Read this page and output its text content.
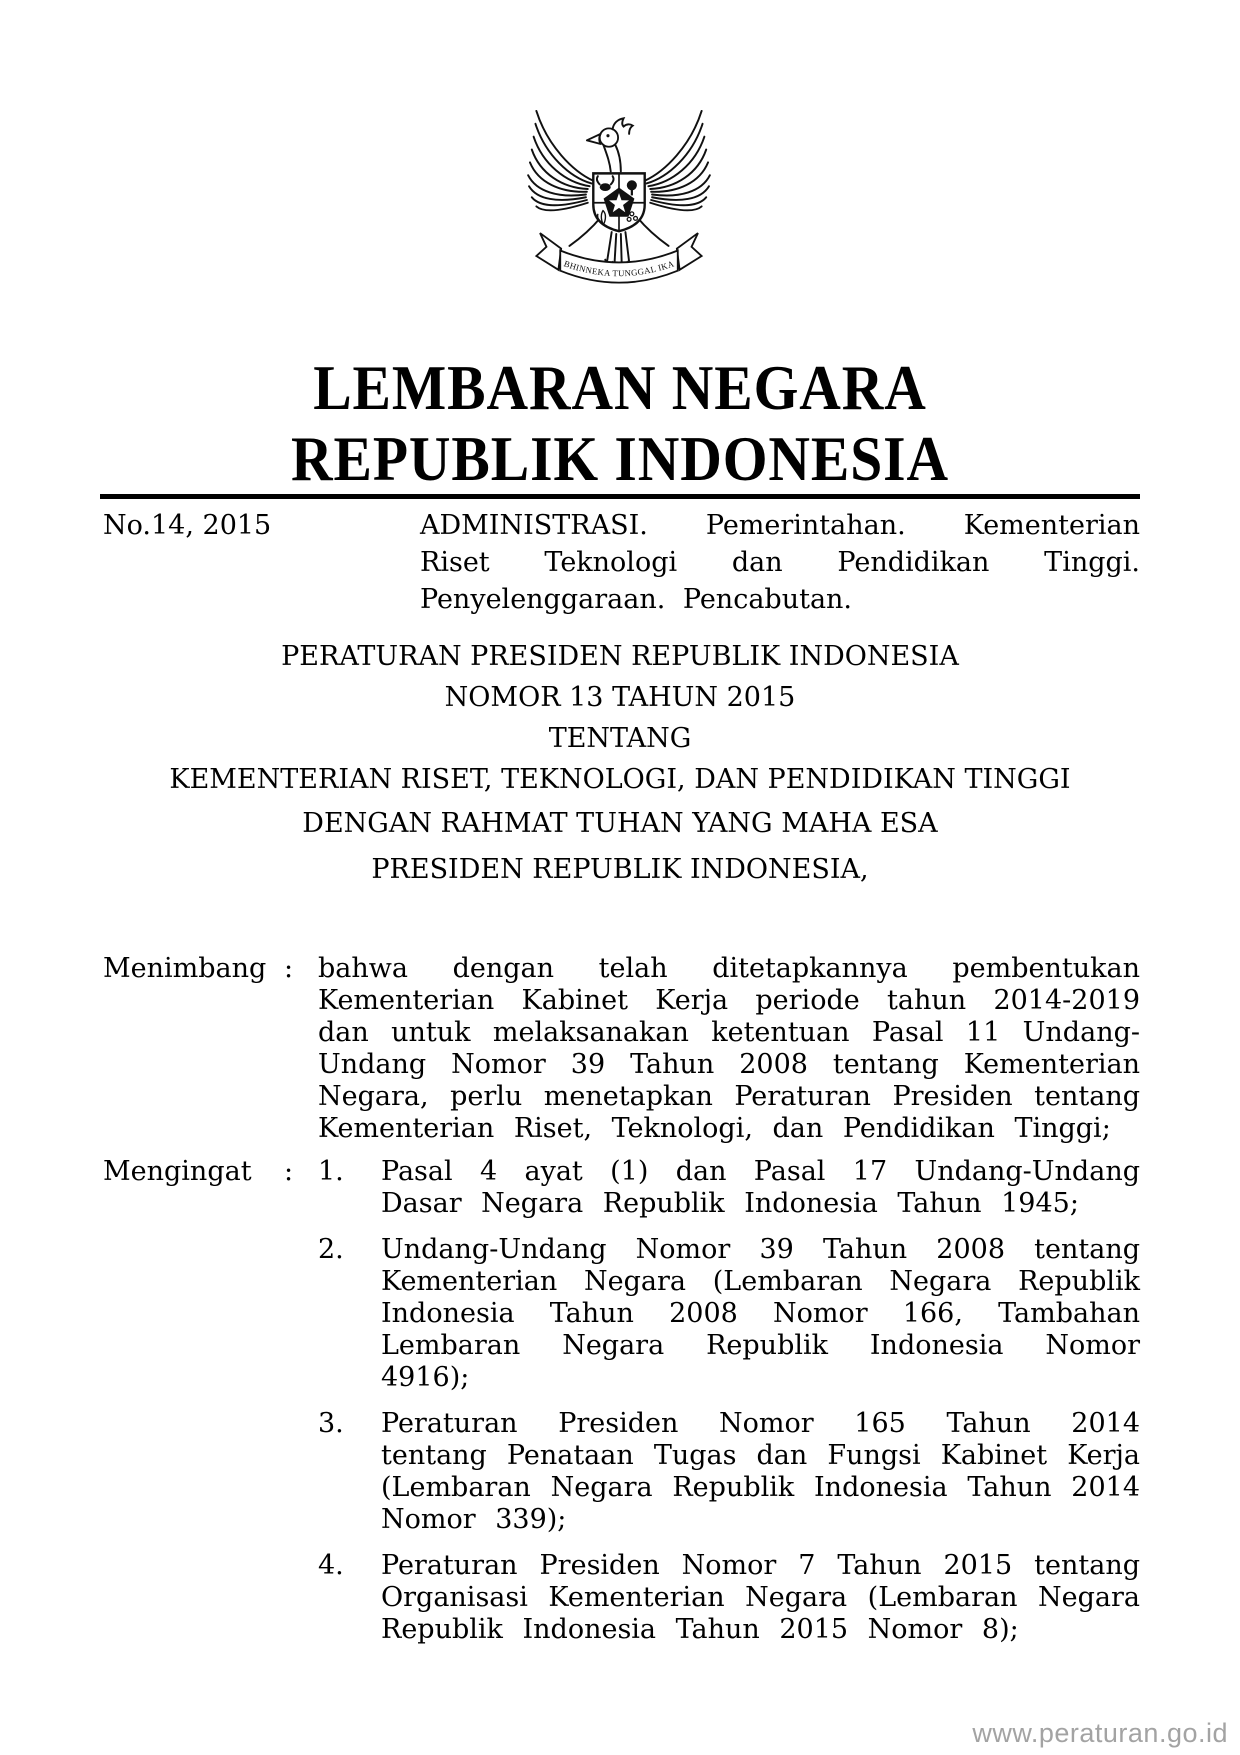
BHINNEKA TUNGGAL IKA
LEMBARAN NEGARA
REPUBLIK INDONESIA
No.14, 2015	ADMINISTRASI. Pemerintahan. Kementerian Riset Teknologi dan Pendidikan Tinggi. Penyelenggaraan. Pencabutan.
PERATURAN PRESIDEN REPUBLIK INDONESIA
NOMOR 13 TAHUN 2015
TENTANG
KEMENTERIAN RISET, TEKNOLOGI, DAN PENDIDIKAN TINGGI
DENGAN RAHMAT TUHAN YANG MAHA ESA
PRESIDEN REPUBLIK INDONESIA,
Menimbang : bahwa dengan telah ditetapkannya pembentukan Kementerian Kabinet Kerja periode tahun 2014-2019 dan untuk melaksanakan ketentuan Pasal 11 Undang-Undang Nomor 39 Tahun 2008 tentang Kementerian Negara, perlu menetapkan Peraturan Presiden tentang Kementerian Riset, Teknologi, dan Pendidikan Tinggi;
Mengingat	: 1.	Pasal 4 ayat (1) dan Pasal 17 Undang-Undang Dasar Negara Republik Indonesia Tahun 1945;
2.	Undang-Undang Nomor 39 Tahun 2008 tentang Kementerian Negara (Lembaran Negara Republik Indonesia Tahun 2008 Nomor 166, Tambahan Lembaran Negara Republik Indonesia Nomor 4916);
3.	Peraturan Presiden Nomor 165 Tahun 2014 tentang Penataan Tugas dan Fungsi Kabinet Kerja (Lembaran Negara Republik Indonesia Tahun 2014 Nomor 339);
4.	Peraturan Presiden Nomor 7 Tahun 2015 tentang Organisasi Kementerian Negara (Lembaran Negara Republik Indonesia Tahun 2015 Nomor 8);
www.peraturan.go.id
